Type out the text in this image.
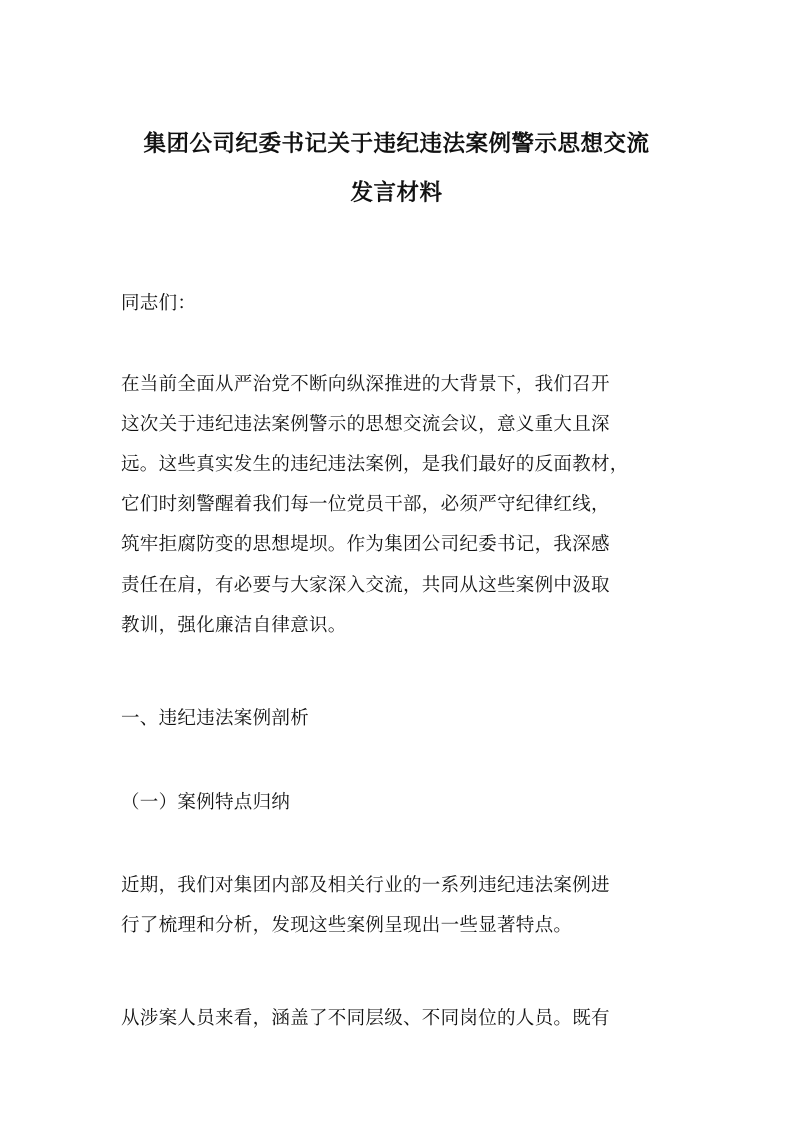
集团公司纪委书记关于违纪违法案例警示思想交流
发言材料
同志们：
在当前全面从严治党不断向纵深推进的大背景下，我们召开
这次关于违纪违法案例警示的思想交流会议，意义重大且深
远。这些真实发生的违纪违法案例，是我们最好的反面教材，
它们时刻警醒着我们每一位党员干部，必须严守纪律红线，
筑牢拒腐防变的思想堤坝。作为集团公司纪委书记，我深感
责任在肩，有必要与大家深入交流，共同从这些案例中汲取
教训，强化廉洁自律意识。
一、违纪违法案例剖析
（一）案例特点归纳
近期，我们对集团内部及相关行业的一系列违纪违法案例进
行了梳理和分析，发现这些案例呈现出一些显著特点。
从涉案人员来看，涵盖了不同层级、不同岗位的人员。既有
